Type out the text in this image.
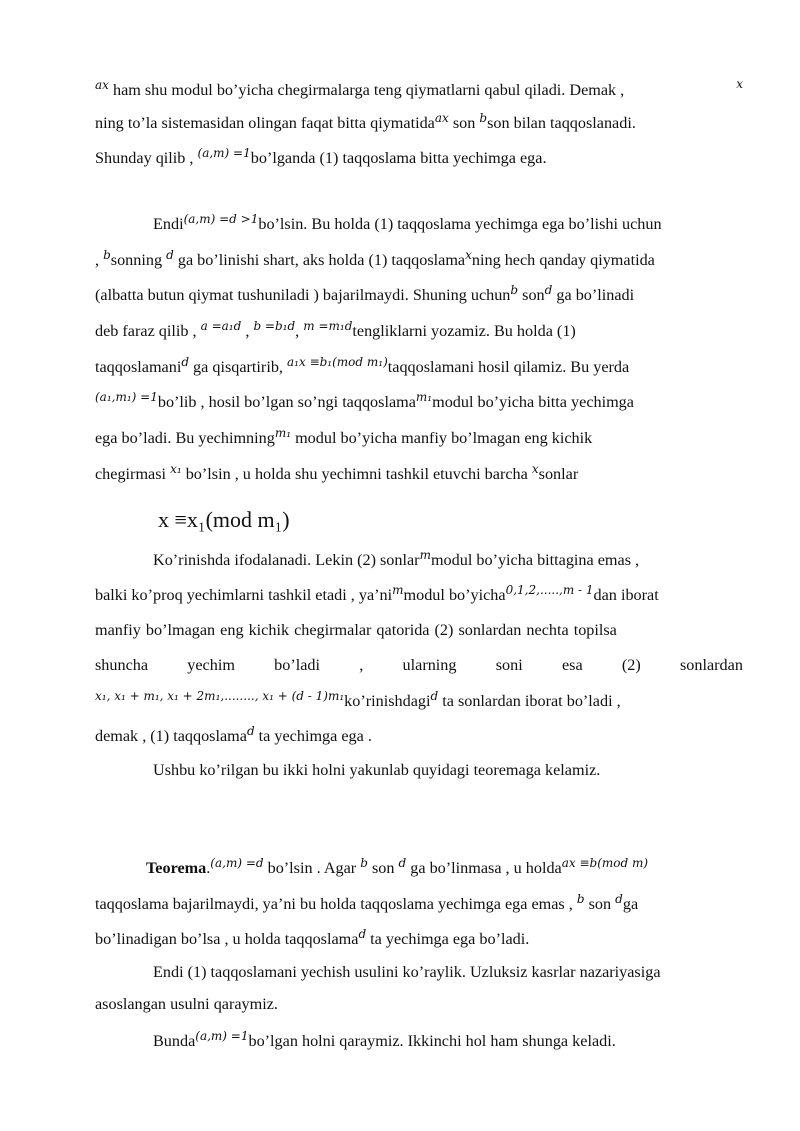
$^{ax}$ ham shu modul bo’yicha chegirmalarga teng qiymatlarni qabul qiladi. Demak ,	x
ning to’la sistemasidan olingan faqat bitta qiymatida$^{ax}$ son $^b$son bilan taqqoslanadi.
Shunday qilib , $^{(a,m) =1}$bo’lganda (1) taqqoslama bitta yechimga ega.
Endi$^{(a,m) =d >1}$bo’lsin. Bu holda (1) taqqoslama yechimga ega bo’lishi uchun
, $^b$sonning $^d$ ga bo’linishi shart, aks holda (1) taqqoslama$^x$ning hech qanday qiymatida
(albatta butun qiymat tushuniladi ) bajarilmaydi. Shuning uchun$^b$ son$^d$ ga bo’linadi
deb faraz qilib , $^{a =a_1d}$ , $^{b =b_1d}$, $^{m =m_1d}$tengliklarni yozamiz. Bu holda (1)
taqqoslamani$^d$ ga qisqartirib, $^{a_1x \equiv b_1(mod m_1)}$taqqoslamani hosil qilamiz. Bu yerda
$^{(a_1,m_1) =1}$bo’lib , hosil bo’lgan so’ngi taqqoslama$^{m_1}$modul bo’yicha bitta yechimga
ega bo’ladi. Bu yechimning$^{m_1}$ modul bo’yicha manfiy bo’lmagan eng kichik
chegirmasi $^{x_1}$ bo’lsin , u holda shu yechimni tashkil etuvchi barcha $^x$sonlar
x ≡x₁(mod m₁)
Ko’rinishda ifodalanadi. Lekin (2) sonlar$^m$modul bo’yicha bittagina emas ,
balki ko’proq yechimlarni tashkil etadi , $ya’ni^mmodul$ bo’yicha$^{0,1,2,.....,m - 1}$dan iborat
manfiy bo’lmagan eng kichik chegirmalar qatorida (2) sonlardan nechta topilsa
shuncha yechim bo’ladi , ularning soni esa (2) sonlardan
$^{x_1, x_1 + m_1, x_1 + 2m_1,........, x_1 + (d - 1)m_1}$ko’rinishdagi$^d$ ta sonlardan iborat bo’ladi ,
demak , (1) taqqoslama$^d$ ta yechimga ega .
Ushbu ko’rilgan bu ikki holni yakunlab quyidagi teoremaga kelamiz.
Teorema.$^{(a,m) =d}$ bo’lsin . Agar $^b$ son $^d$ ga bo’linmasa , u holda$^{ax \equiv b(mod m)}$
taqqoslama bajarilmaydi, ya’ni bu holda taqqoslama yechimga ega emas , $^b$ son $^d$ga
bo’linadigan bo’lsa , u holda taqqoslama$^d$ ta yechimga ega bo’ladi.
Endi (1) taqqoslamani yechish usulini ko’raylik. Uzluksiz kasrlar nazariyasiga
asoslangan usulni qaraymiz.
Bunda$^{(a,m) =1}$bo’lgan holni qaraymiz. Ikkinchi hol ham shunga keladi.
